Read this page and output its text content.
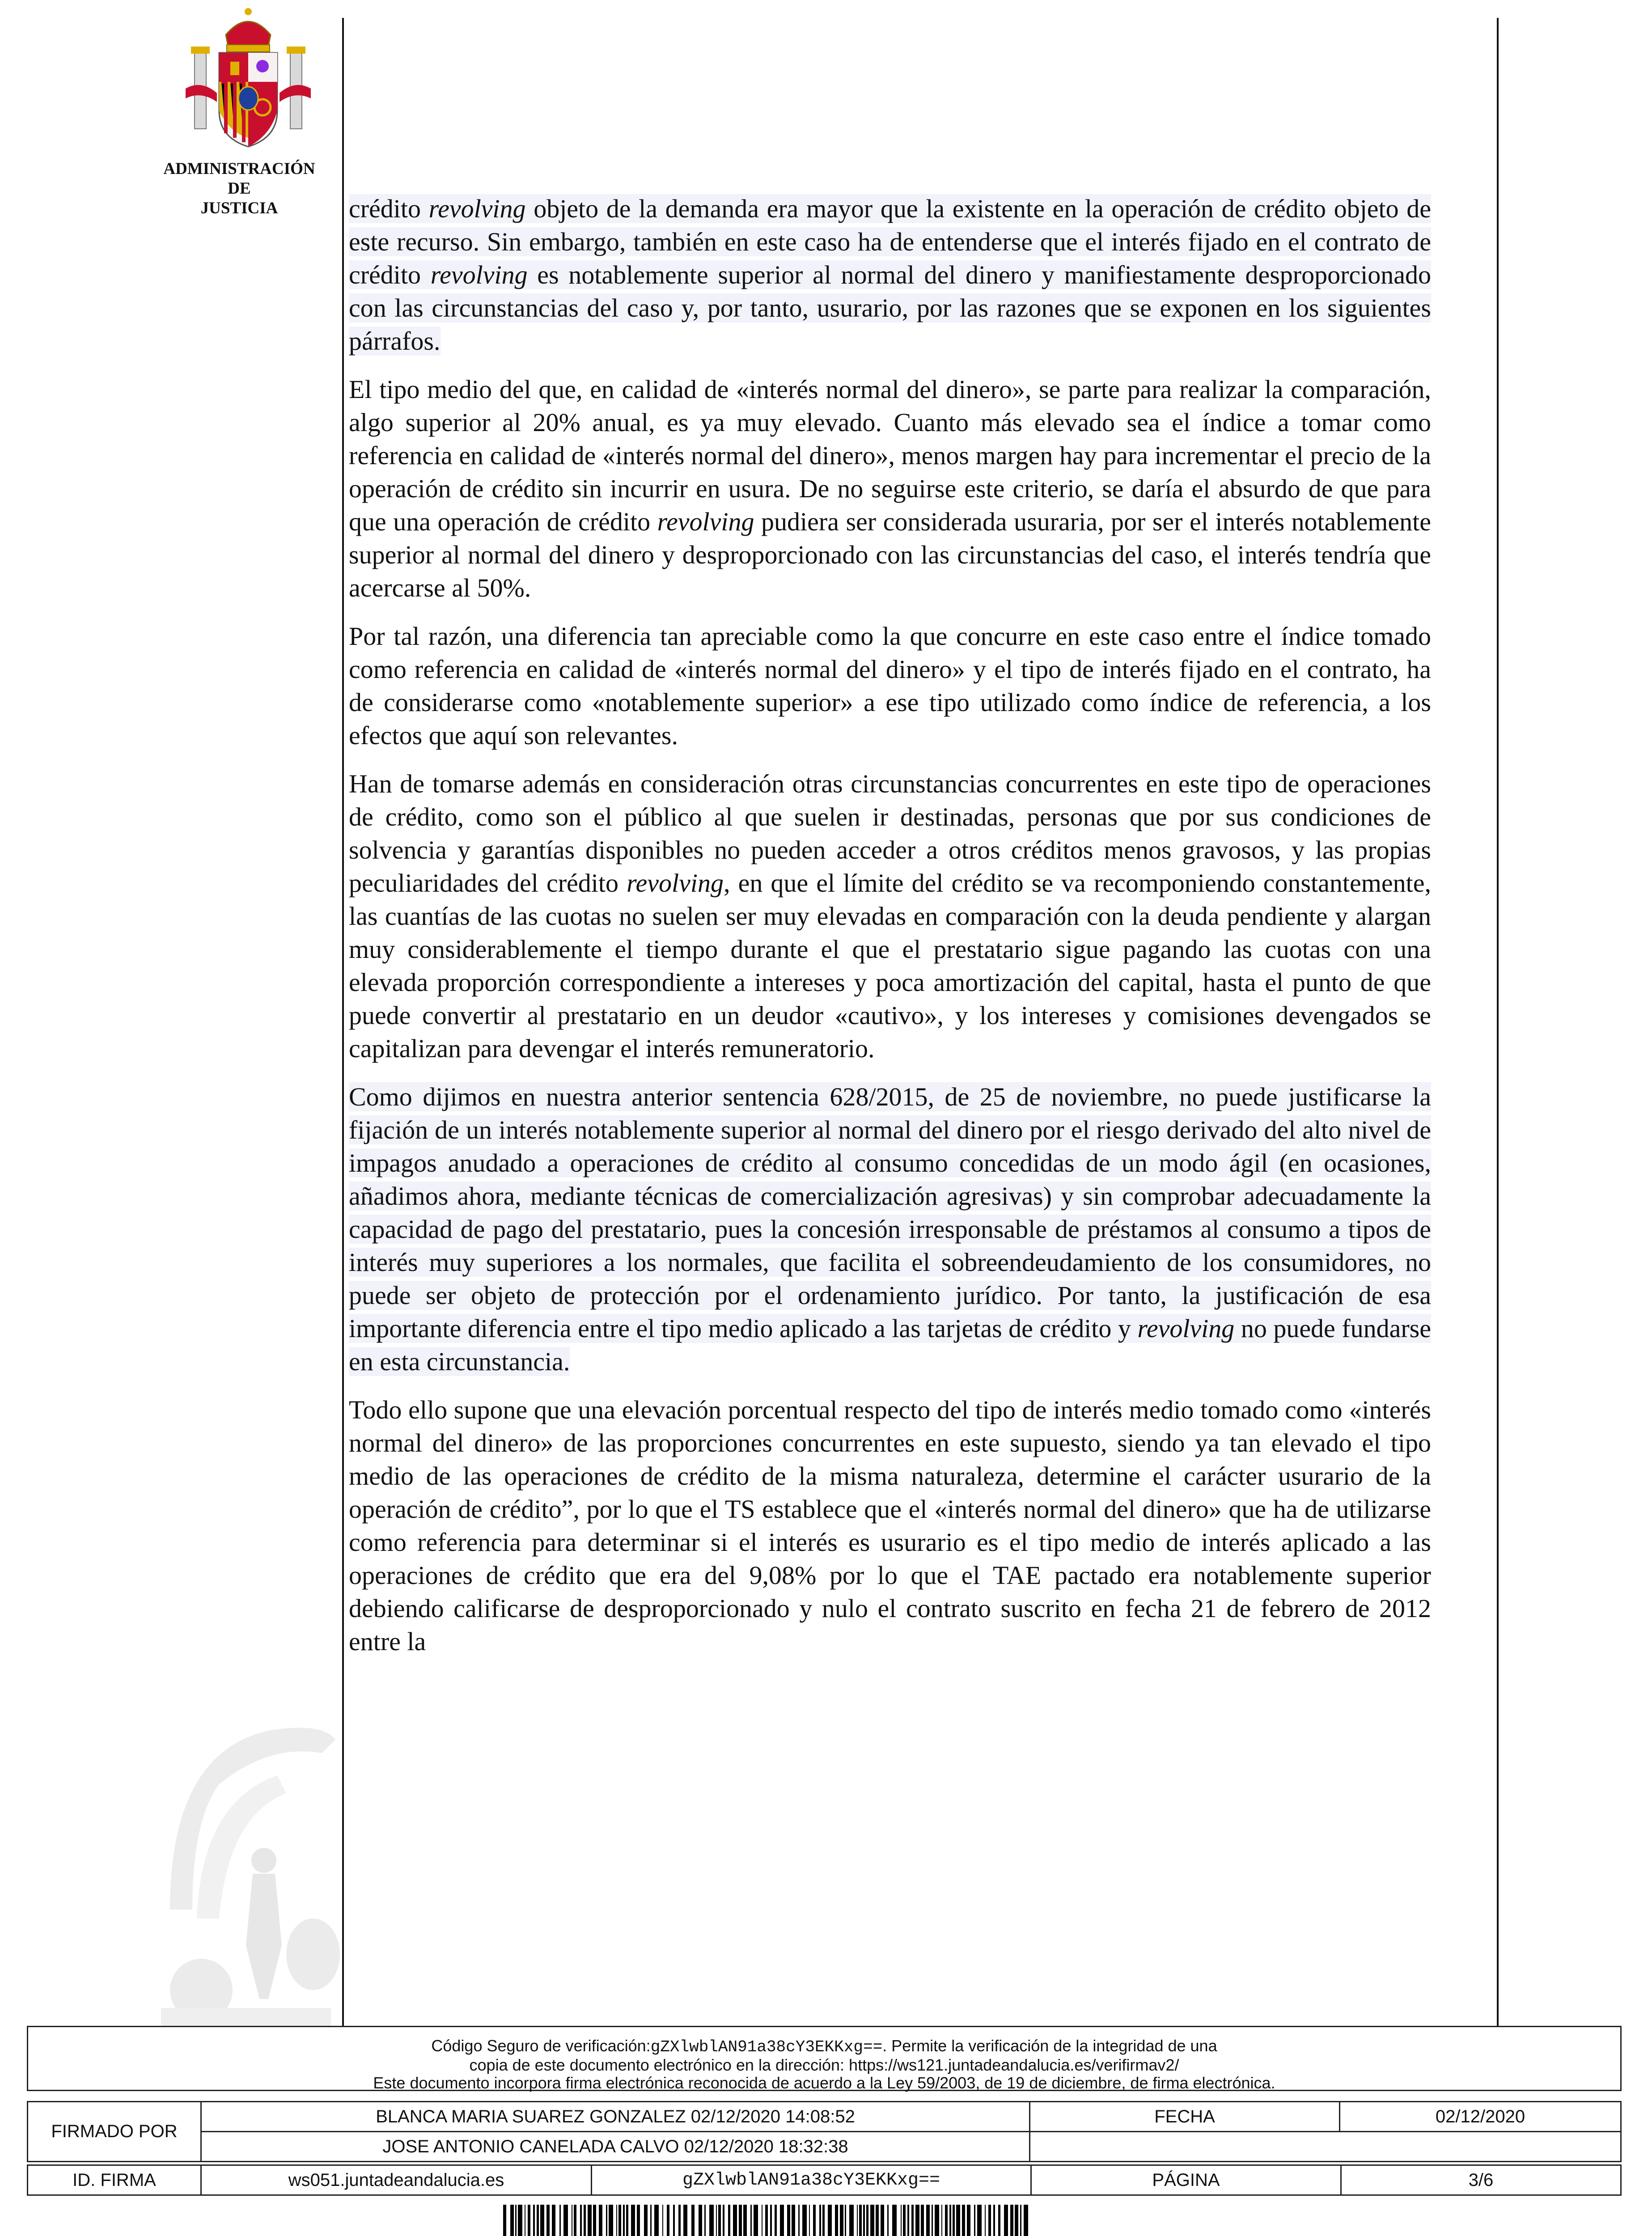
ADMINISTRACIÓN
DE
JUSTICIA	crédito revolving objeto de la demanda era mayor que la existente en la operación de crédito objeto de este recurso. Sin embargo, también en este caso ha de entenderse que el interés fijado en el contrato de crédito revolving es notablemente superior al normal del dinero y manifiestamente desproporcionado con las circunstancias del caso y, por tanto, usurario, por las razones que se exponen en los siguientes párrafos.

El tipo medio del que, en calidad de «interés normal del dinero», se parte para realizar la comparación, algo superior al 20% anual, es ya muy elevado. Cuanto más elevado sea el índice a tomar como referencia en calidad de «interés normal del dinero», menos margen hay para incrementar el precio de la operación de crédito sin incurrir en usura. De no seguirse este criterio, se daría el absurdo de que para que una operación de crédito revolving pudiera ser considerada usuraria, por ser el interés notablemente superior al normal del dinero y desproporcionado con las circunstancias del caso, el interés tendría que acercarse al 50%.

Por tal razón, una diferencia tan apreciable como la que concurre en este caso entre el índice tomado como referencia en calidad de «interés normal del dinero» y el tipo de interés fijado en el contrato, ha de considerarse como «notablemente superior» a ese tipo utilizado como índice de referencia, a los efectos que aquí son relevantes.

Han de tomarse además en consideración otras circunstancias concurrentes en este tipo de operaciones de crédito, como son el público al que suelen ir destinadas, personas que por sus condiciones de solvencia y garantías disponibles no pueden acceder a otros créditos menos gravosos, y las propias peculiaridades del crédito revolving, en que el límite del crédito se va recomponiendo constantemente, las cuantías de las cuotas no suelen ser muy elevadas en comparación con la deuda pendiente y alargan muy considerablemente el tiempo durante el que el prestatario sigue pagando las cuotas con una elevada proporción correspondiente a intereses y poca amortización del capital, hasta el punto de que puede convertir al prestatario en un deudor «cautivo», y los intereses y comisiones devengados se capitalizan para devengar el interés remuneratorio.

Como dijimos en nuestra anterior sentencia 628/2015, de 25 de noviembre, no puede justificarse la fijación de un interés notablemente superior al normal del dinero por el riesgo derivado del alto nivel de impagos anudado a operaciones de crédito al consumo concedidas de un modo ágil (en ocasiones, añadimos ahora, mediante técnicas de comercialización agresivas) y sin comprobar adecuadamente la capacidad de pago del prestatario, pues la concesión irresponsable de préstamos al consumo a tipos de interés muy superiores a los normales, que facilita el sobreendeudamiento de los consumidores, no puede ser objeto de protección por el ordenamiento jurídico. Por tanto, la justificación de esa importante diferencia entre el tipo medio aplicado a las tarjetas de crédito y revolving no puede fundarse en esta circunstancia.

Todo ello supone que una elevación porcentual respecto del tipo de interés medio tomado como «interés normal del dinero» de las proporciones concurrentes en este supuesto, siendo ya tan elevado el tipo medio de las operaciones de crédito de la misma naturaleza, determine el carácter usurario de la operación de crédito”, por lo que el TS establece que el «interés normal del dinero» que ha de utilizarse como referencia para determinar si el interés es usurario es el tipo medio de interés aplicado a las operaciones de crédito que era del 9,08% por lo que el TAE pactado era notablemente superior debiendo calificarse de desproporcionado y nulo el contrato suscrito en fecha 21 de febrero de 2012 entre la

Código Seguro de verificación:gZXlwblAN91a38cY3EKKxg==. Permite la verificación de la integridad de una
copia de este documento electrónico en la dirección: https://ws121.juntadeandalucia.es/verifirmav2/
Este documento incorpora firma electrónica reconocida de acuerdo a la Ley 59/2003, de 19 de diciembre, de firma electrónica.
FIRMADO POR	BLANCA MARIA SUAREZ GONZALEZ 02/12/2020 14:08:52	FECHA	02/12/2020
	JOSE ANTONIO CANELADA CALVO 02/12/2020 18:32:38		
ID. FIRMA	ws051.juntadeandalucia.es	gZXlwblAN91a38cY3EKKxg==	PÁGINA	3/6
